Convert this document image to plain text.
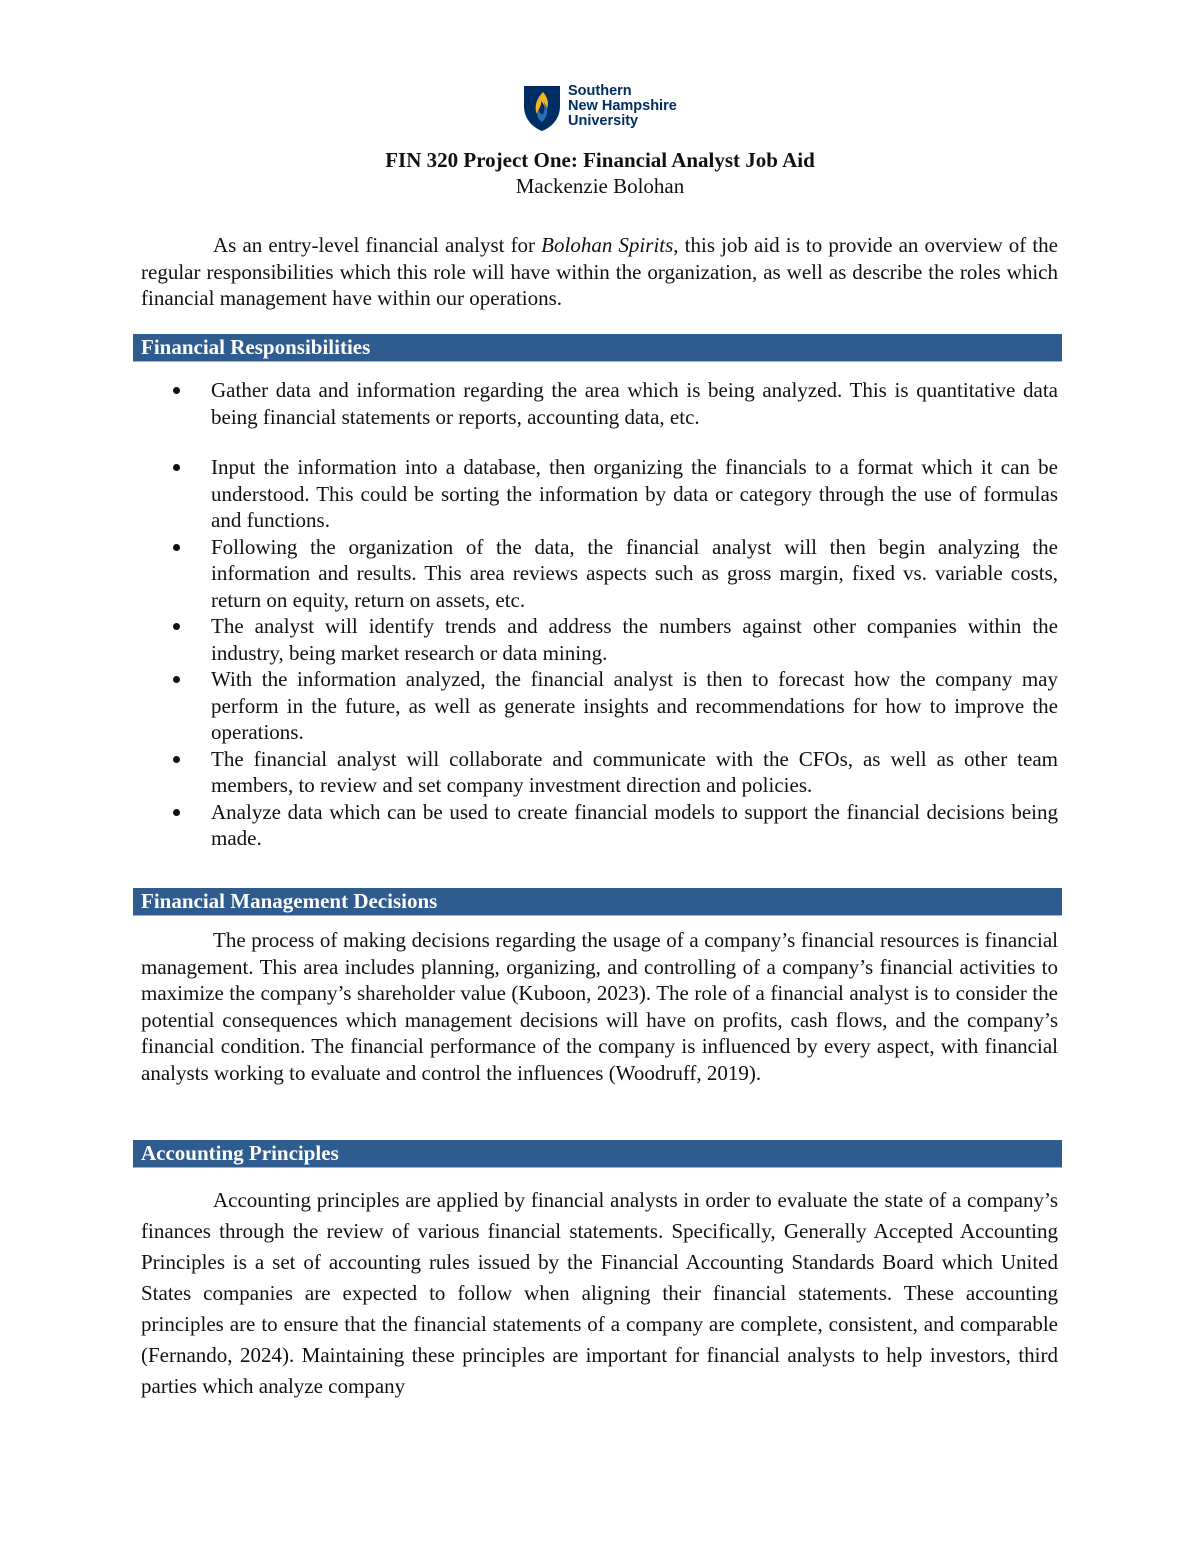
Southern
New Hampshire
University
FIN 320 Project One: Financial Analyst Job Aid
Mackenzie Bolohan

As an entry-level financial analyst for Bolohan Spirits, this job aid is to provide an overview of the regular responsibilities which this role will have within the organization, as well as describe the roles which financial management have within our operations.

Financial Responsibilities
Gather data and information regarding the area which is being analyzed. This is quantitative data being financial statements or reports, accounting data, etc.
Input the information into a database, then organizing the financials to a format which it can be understood. This could be sorting the information by data or category through the use of formulas and functions.
Following the organization of the data, the financial analyst will then begin analyzing the information and results. This area reviews aspects such as gross margin, fixed vs. variable costs, return on equity, return on assets, etc.
The analyst will identify trends and address the numbers against other companies within the industry, being market research or data mining.
With the information analyzed, the financial analyst is then to forecast how the company may perform in the future, as well as generate insights and recommendations for how to improve the operations.
The financial analyst will collaborate and communicate with the CFOs, as well as other team members, to review and set company investment direction and policies.
Analyze data which can be used to create financial models to support the financial decisions being made.
Financial Management Decisions

The process of making decisions regarding the usage of a company’s financial resources is financial management. This area includes planning, organizing, and controlling of a company’s financial activities to maximize the company’s shareholder value (Kuboon, 2023). The role of a financial analyst is to consider the potential consequences which management decisions will have on profits, cash flows, and the company’s financial condition. The financial performance of the company is influenced by every aspect, with financial analysts working to evaluate and control the influences (Woodruff, 2019).

Accounting Principles

Accounting principles are applied by financial analysts in order to evaluate the state of a company’s finances through the review of various financial statements. Specifically, Generally Accepted Accounting Principles is a set of accounting rules issued by the Financial Accounting Standards Board which United States companies are expected to follow when aligning their financial statements. These accounting principles are to ensure that the financial statements of a company are complete, consistent, and comparable (Fernando, 2024). Maintaining these principles are important for financial analysts to help investors, third parties which analyze company
